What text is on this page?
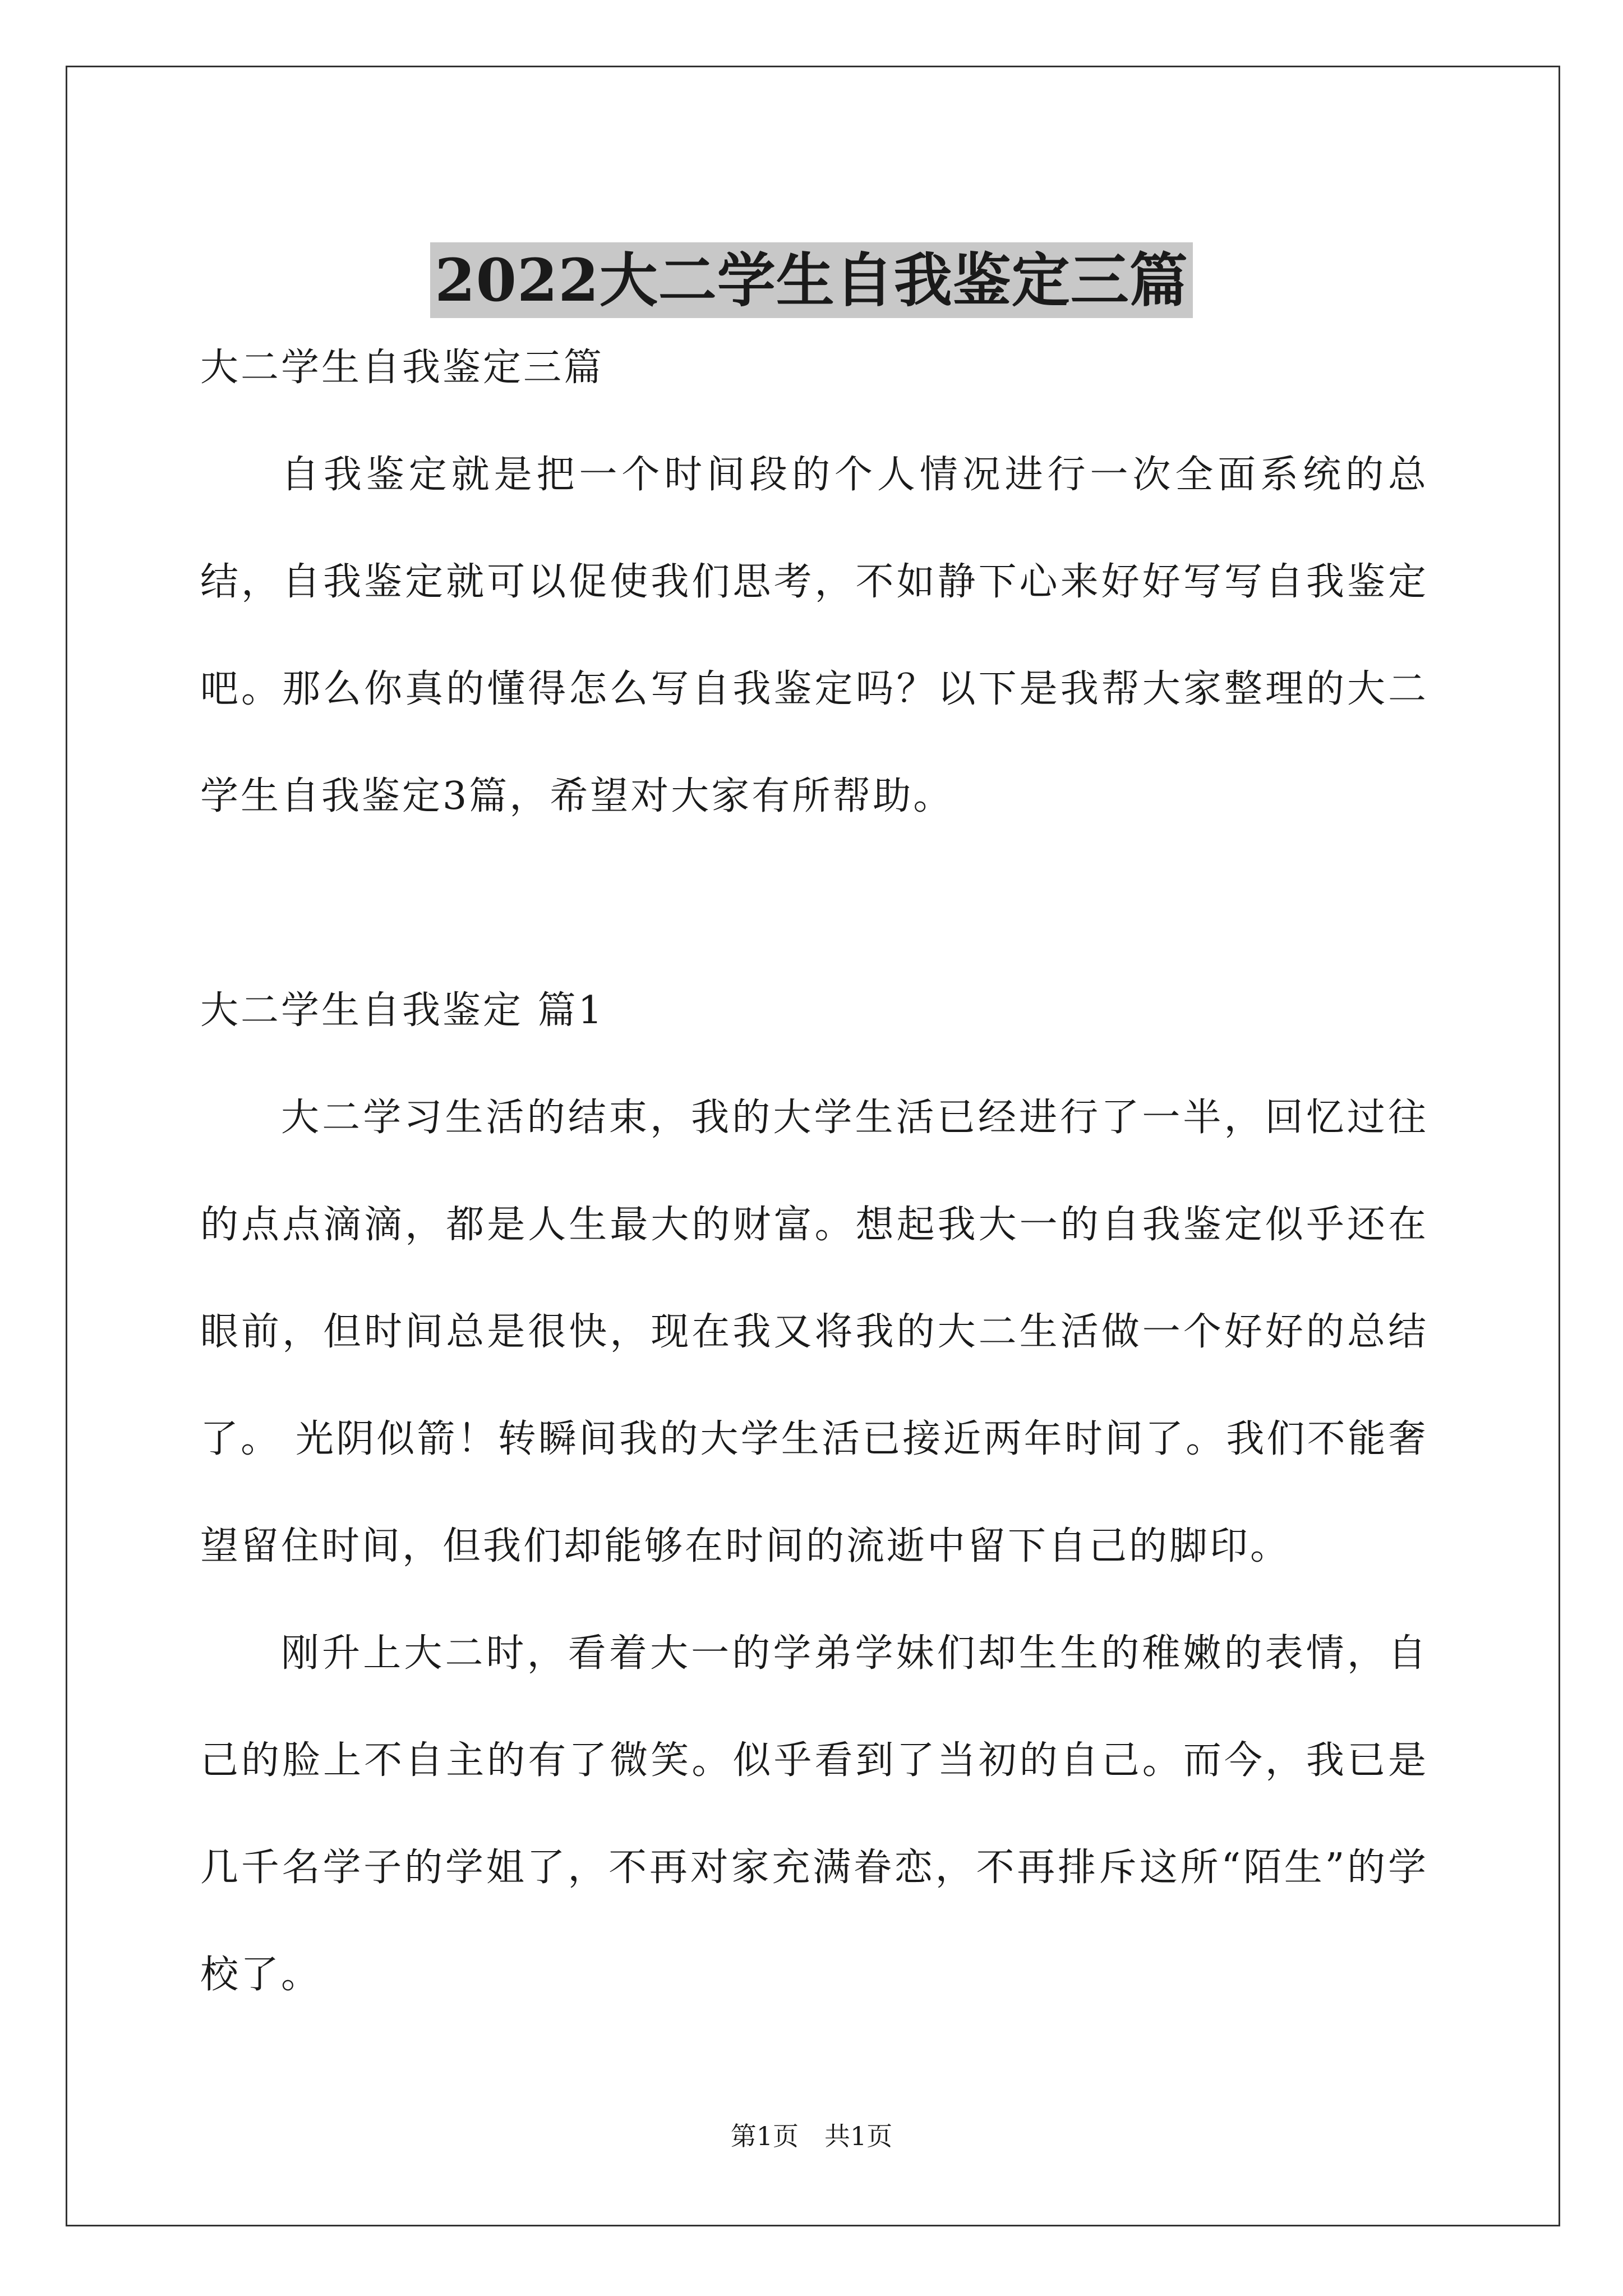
2022大二学生自我鉴定三篇

大二学生自我鉴定三篇

自我鉴定就是把一个时间段的个人情况进行一次全面系统的总结，自我鉴定就可以促使我们思考，不如静下心来好好写写自我鉴定吧。那么你真的懂得怎么写自我鉴定吗？以下是我帮大家整理的大二学生自我鉴定3篇，希望对大家有所帮助。

大二学生自我鉴定 篇1

大二学习生活的结束，我的大学生活已经进行了一半，回忆过往的点点滴滴，都是人生最大的财富。想起我大一的自我鉴定似乎还在眼前，但时间总是很快，现在我又将我的大二生活做一个好好的总结了。 光阴似箭！转瞬间我的大学生活已接近两年时间了。我们不能奢望留住时间，但我们却能够在时间的流逝中留下自己的脚印。

刚升上大二时，看着大一的学弟学妹们却生生的稚嫩的表情，自己的脸上不自主的有了微笑。似乎看到了当初的自己。而今，我已是几千名学子的学姐了，不再对家充满眷恋，不再排斥这所“陌生”的学校了。

第1页 共1页
